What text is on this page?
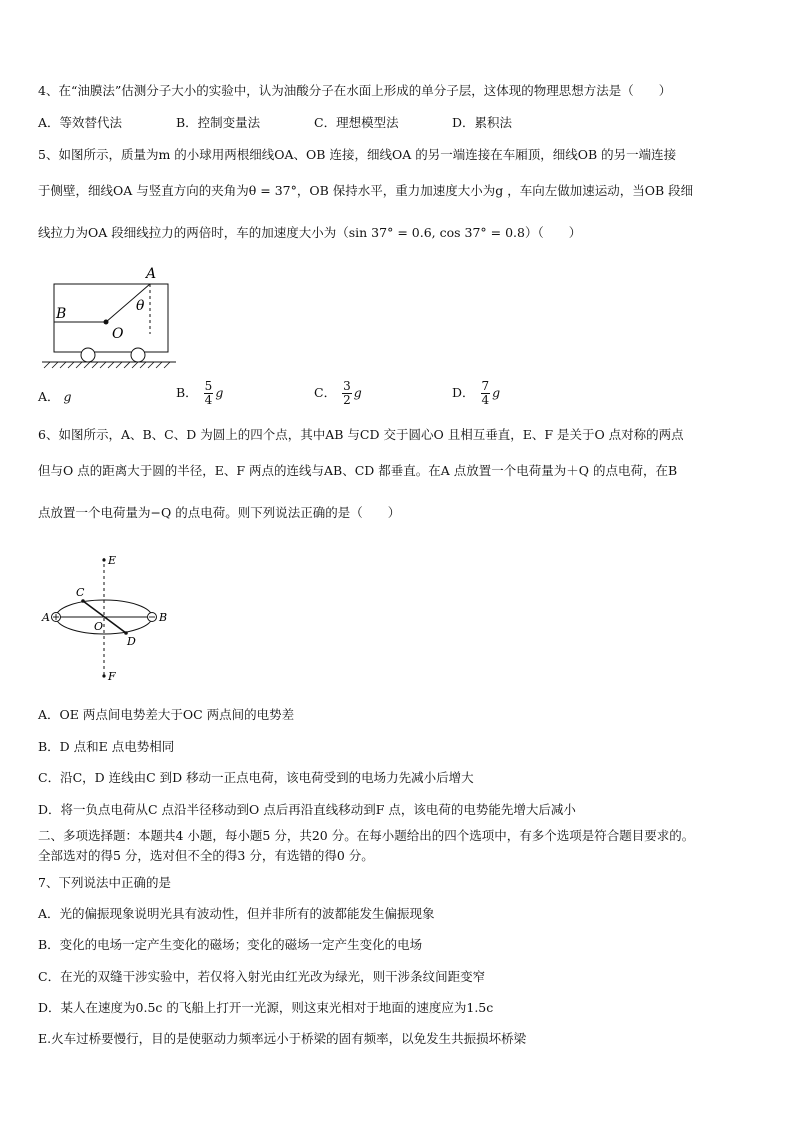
4、在“油膜法”估测分子大小的实验中，认为油酸分子在水面上形成的单分子层，这体现的物理思想方法是（　　）
A．等效替代法	B．控制变量法	C．理想模型法	D．累积法
5、如图所示，质量为m 的小球用两根细线OA、OB 连接，细线OA 的另一端连接在车厢顶，细线OB 的另一端连接
于侧壁，细线OA 与竖直方向的夹角为θ = 37°，OB 保持水平，重力加速度大小为g ，车向左做加速运动，当OB 段细
线拉力为OA 段细线拉力的两倍时，车的加速度大小为（sin 37° = 0.6, cos 37° = 0.8）（　　）
A
B
O
θ
A． g	B． $\frac{5}{4}$ g	C． $\frac{3}{2}$ g	D． $\frac{7}{4}$ g
6、如图所示，A、B、C、D 为圆上的四个点，其中AB 与CD 交于圆心O 且相互垂直，E、F 是关于O 点对称的两点
但与O 点的距离大于圆的半径，E、F 两点的连线与AB、CD 都垂直。在A 点放置一个电荷量为＋Q 的点电荷，在B
点放置一个电荷量为−Q 的点电荷。则下列说法正确的是（　　）
E
F
A	B
C
D
O
A．OE 两点间电势差大于OC 两点间的电势差
B．D 点和E 点电势相同
C．沿C，D 连线由C 到D 移动一正点电荷，该电荷受到的电场力先减小后增大
D．将一负点电荷从C 点沿半径移动到O 点后再沿直线移动到F 点，该电荷的电势能先增大后减小
二、多项选择题：本题共4 小题，每小题5 分，共20 分。在每小题给出的四个选项中，有多个选项是符合题目要求的。
全部选对的得5 分，选对但不全的得3 分，有选错的得0 分。
7、下列说法中正确的是
A．光的偏振现象说明光具有波动性，但并非所有的波都能发生偏振现象
B．变化的电场一定产生变化的磁场；变化的磁场一定产生变化的电场
C．在光的双缝干涉实验中，若仅将入射光由红光改为绿光，则干涉条纹间距变窄
D．某人在速度为0.5c 的飞船上打开一光源，则这束光相对于地面的速度应为1.5c
E.火车过桥要慢行，目的是使驱动力频率远小于桥梁的固有频率，以免发生共振损坏桥梁
